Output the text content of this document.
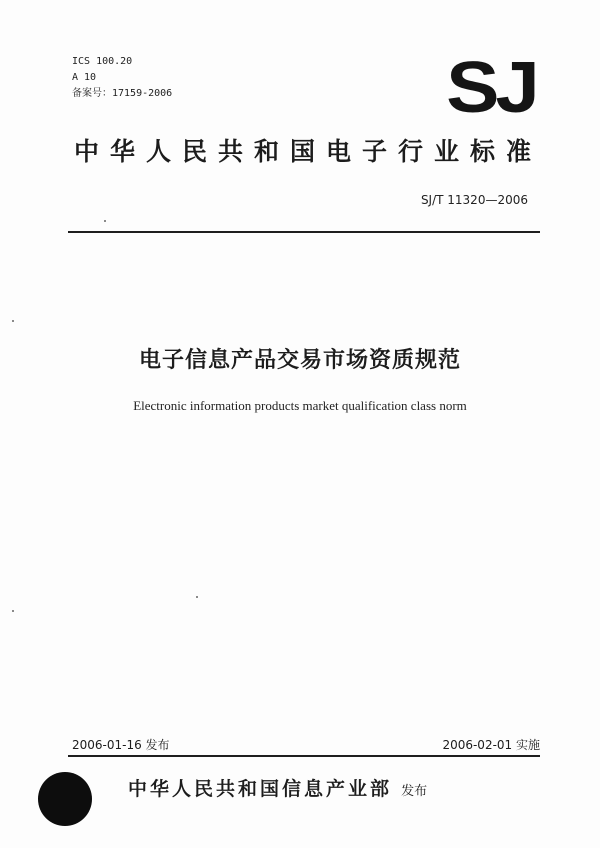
ICS 100.20
A 10
备案号：17159-2006	SJ
中华人民共和国电子行业标准
SJ/T 11320—2006
电子信息产品交易市场资质规范
Electronic information products market qualification class norm
2006-01-16 发布	2006-02-01 实施
中华人民共和国信息产业部 发布
